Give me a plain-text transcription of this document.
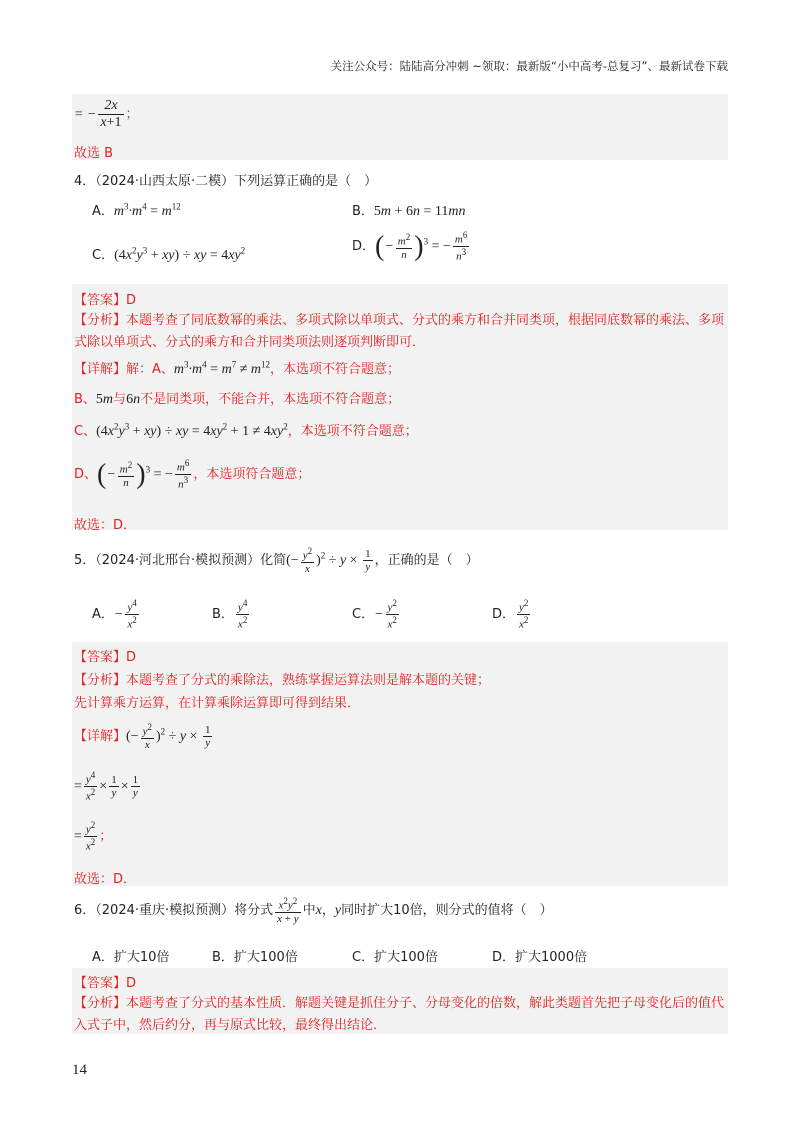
关注公众号：陆陆高分冲刺 ~领取：最新版“小中高考-总复习”、最新试卷下载
= − $\frac{2x}{x+1}$ ；
故选 B
4．（2024·山西太原·二模）下列运算正确的是（　）
A．$m^3\cdot m^4 = m^{12}$	B．5m + 6n = 11mn
C．$(4x^2y^3 + xy)$ ÷ xy = $4xy^2$	D．(− $\frac{m^2}{n} )^3$ = − $\frac{m^6}{n^3}$
【答案】D
【分析】本题考查了同底数幂的乘法、多项式除以单项式、分式的乘方和合并同类项，根据同底数幂的乘法、多项式除以单项式、分式的乘方和合并同类项法则逐项判断即可．
【详解】解：A、$m^3\cdot m^4 = m^7 \ne m^{12}$，本选项不符合题意；
B、5m与6n不是同类项，不能合并，本选项不符合题意；
C、$(4x^2y^3 + xy)$ ÷ xy = $4xy^2 + 1 \ne 4xy^2$，本选项不符合题意；
D、(− $\frac{m^2}{n} )^3$ = − $\frac{m^6}{n^3}$ ，本选项符合题意；
故选：D．
5．（2024·河北邢台·模拟预测）化简(− $\frac{y^2}{x} )^2 \div y \times \frac{1}{y}$ ，正确的是（　）
A．− $\frac{y^4}{x^2}$	B． $\frac{y^4}{x^2}$	C．− $\frac{y^2}{x^2}$	D． $\frac{y^2}{x^2}$
【答案】D
【分析】本题考查了分式的乘除法，熟练掌握运算法则是解本题的关键；
先计算乘方运算，在计算乘除运算即可得到结果．
【详解】(− $\frac{y^2}{x} )^2 \div y \times \frac{1}{y}$
= $\frac{y^4}{x^2} \times \frac{1}{y} \times \frac{1}{y}$
= $\frac{y^2}{x^2}$ ；
故选：D．
6．（2024·重庆·模拟预测）将分式 $\frac{x^2y^2}{x + y}$ 中x，y同时扩大10倍，则分式的值将（　）
A．扩大10倍	B．扩大100倍	C．扩大100倍	D．扩大1000倍
【答案】D
【分析】本题考查了分式的基本性质．解题关键是抓住分子、分母变化的倍数，解此类题首先把子母变化后的值代入式子中，然后约分，再与原式比较，最终得出结论．
14
